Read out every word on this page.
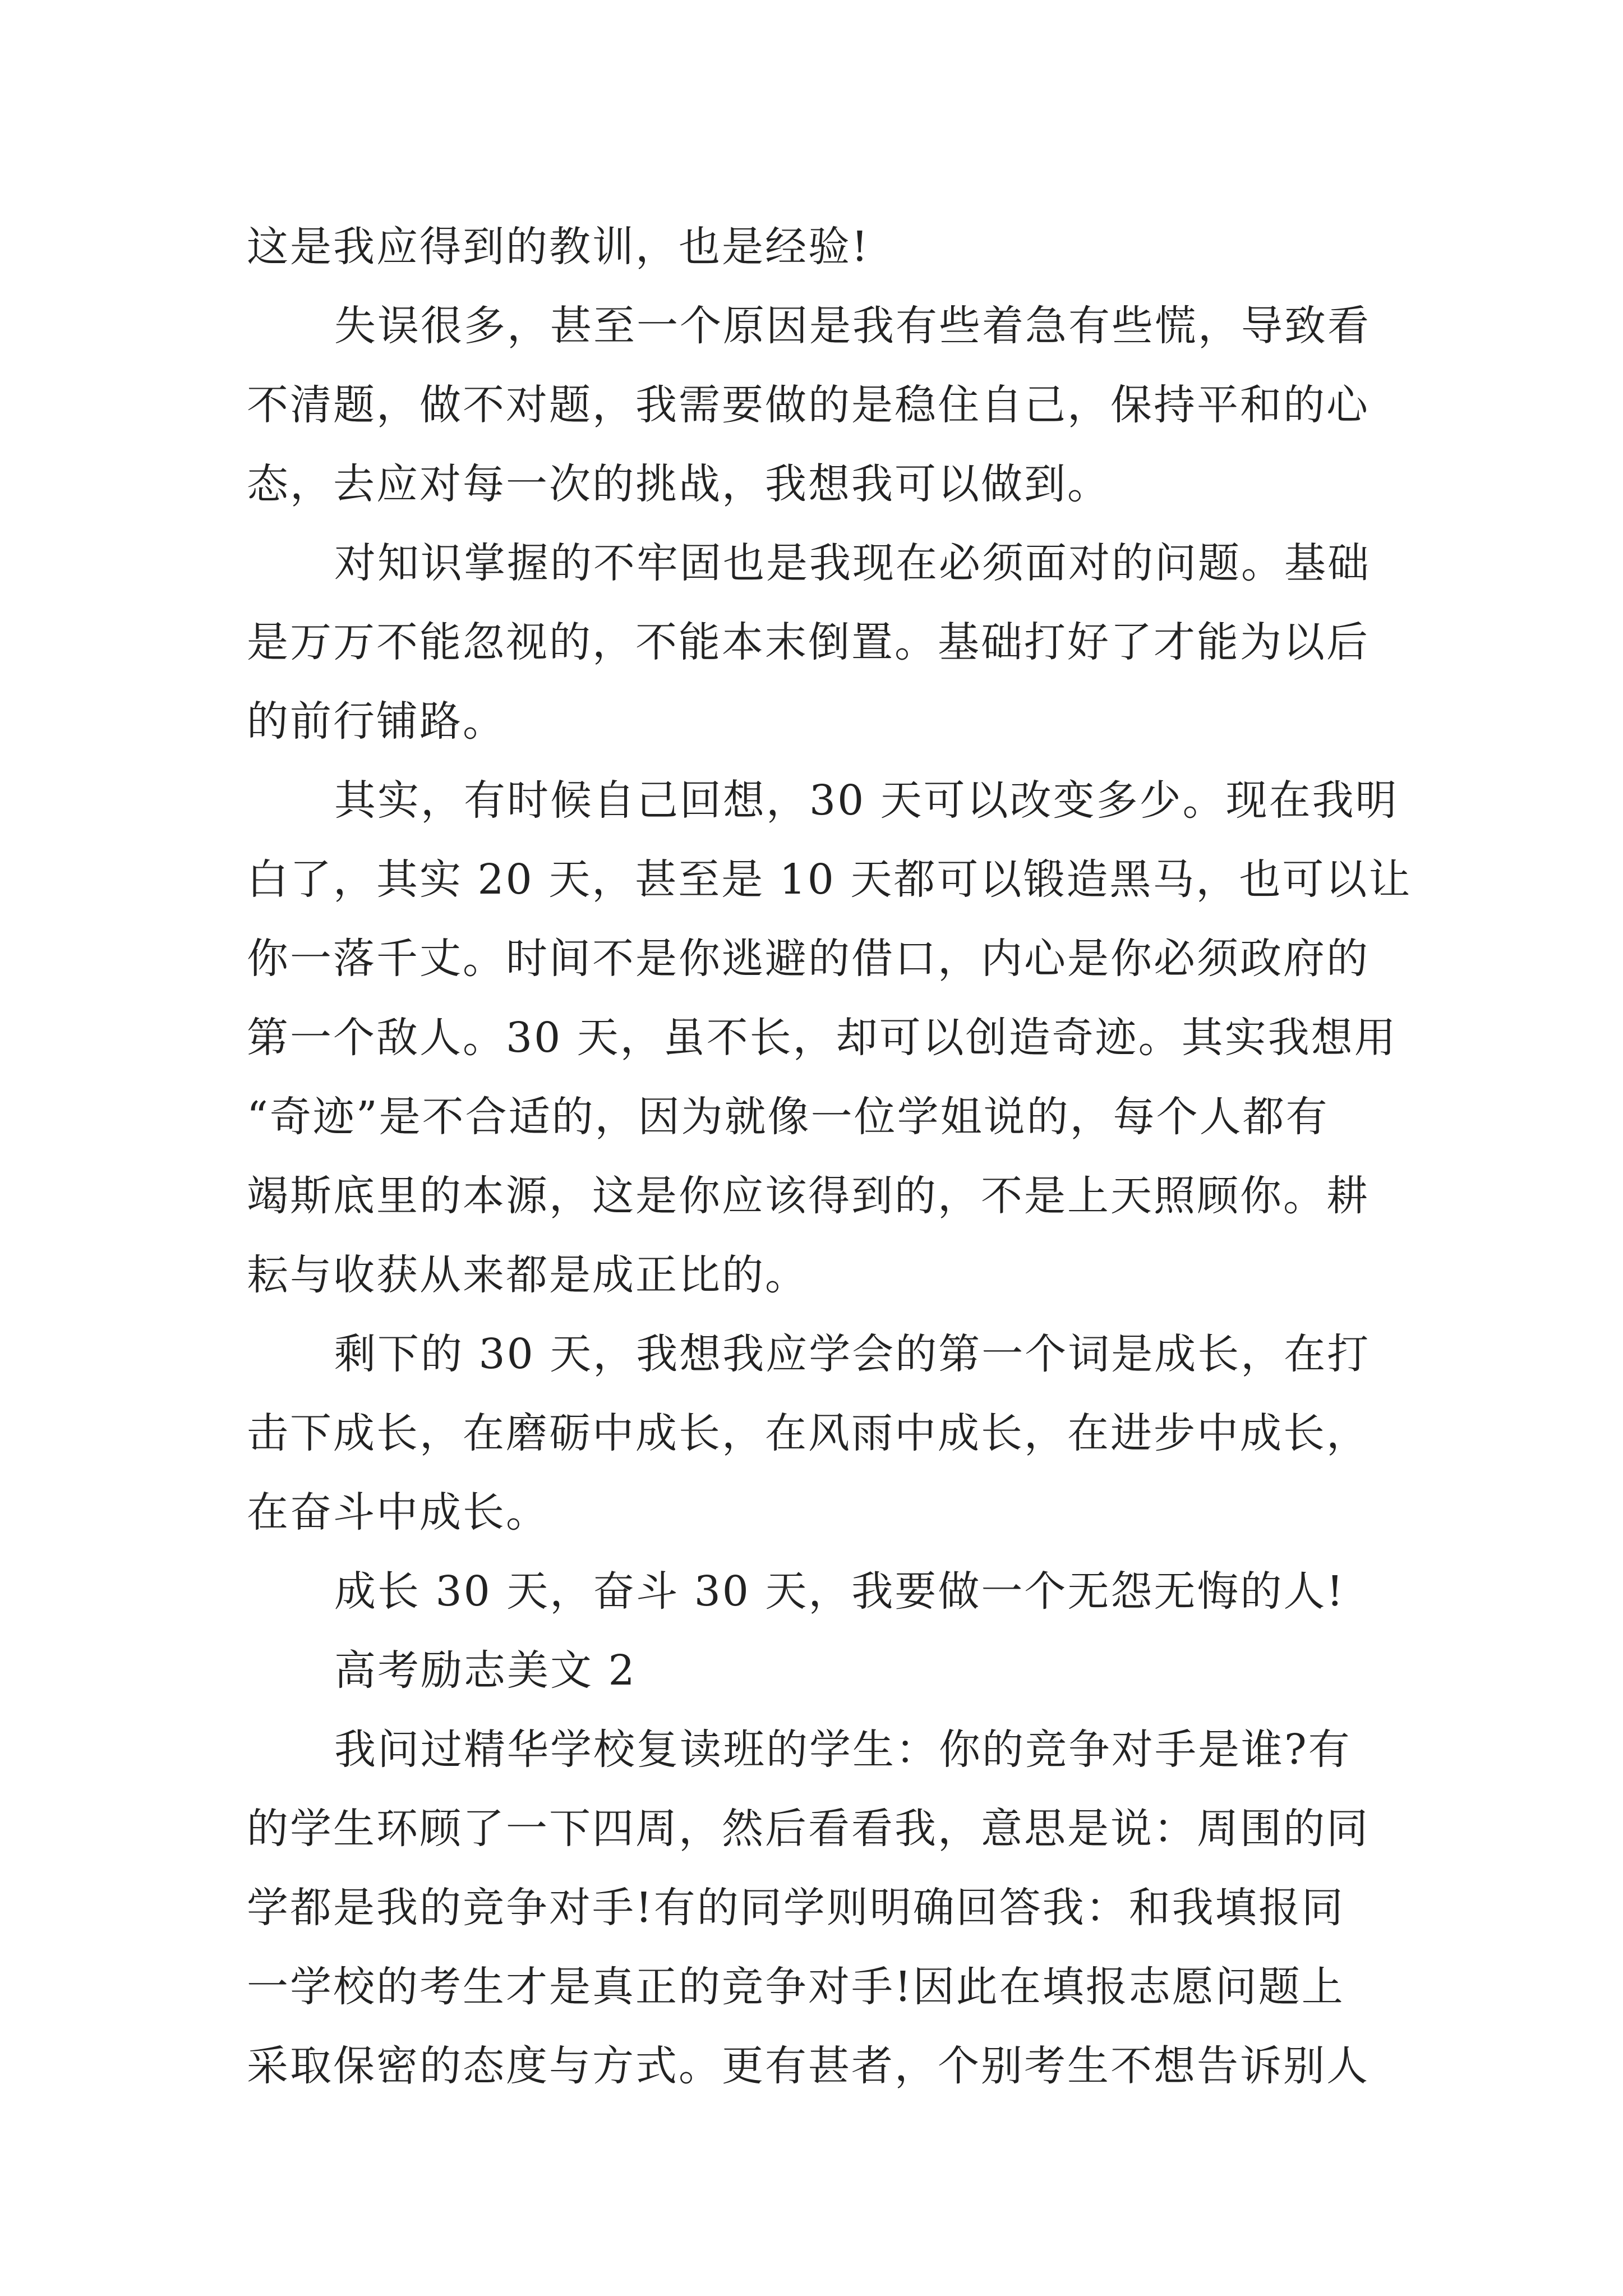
这是我应得到的教训，也是经验!
失误很多，甚至一个原因是我有些着急有些慌，导致看
不清题，做不对题，我需要做的是稳住自己，保持平和的心
态，去应对每一次的挑战，我想我可以做到。
对知识掌握的不牢固也是我现在必须面对的问题。基础
是万万不能忽视的，不能本末倒置。基础打好了才能为以后
的前行铺路。
其实，有时候自己回想，30 天可以改变多少。现在我明
白了，其实 20 天，甚至是 10 天都可以锻造黑马，也可以让
你一落千丈。时间不是你逃避的借口，内心是你必须政府的
第一个敌人。30 天，虽不长，却可以创造奇迹。其实我想用
“奇迹”是不合适的，因为就像一位学姐说的，每个人都有
竭斯底里的本源，这是你应该得到的，不是上天照顾你。耕
耘与收获从来都是成正比的。
剩下的 30 天，我想我应学会的第一个词是成长，在打
击下成长，在磨砺中成长，在风雨中成长，在进步中成长，
在奋斗中成长。
成长 30 天，奋斗 30 天，我要做一个无怨无悔的人!
高考励志美文 2
我问过精华学校复读班的学生：你的竞争对手是谁?有
的学生环顾了一下四周，然后看看我，意思是说：周围的同
学都是我的竞争对手!有的同学则明确回答我：和我填报同
一学校的考生才是真正的竞争对手!因此在填报志愿问题上
采取保密的态度与方式。更有甚者，个别考生不想告诉别人
